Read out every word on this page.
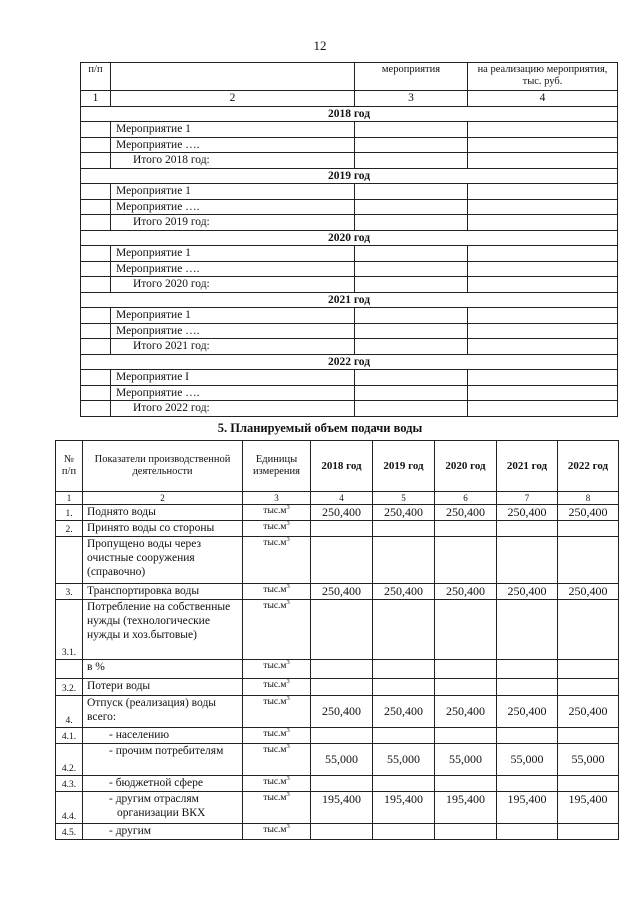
12
п/п		мероприятия	на реализацию мероприятия, тыс. руб.
1	2	3	4
2018 год			
	Мероприятие 1		
	Мероприятие ….		
	Итого 2018 год:		
2019 год			
	Мероприятие 1		
	Мероприятие ….		
	Итого 2019 год:		
2020 год			
	Мероприятие 1		
	Мероприятие ….		
	Итого 2020 год:		
2021 год			
	Мероприятие 1		
	Мероприятие ….		
	Итого 2021 год:		
2022 год			
	Мероприятие I		
	Мероприятие ….		
	Итого 2022 год:		
5. Планируемый объем подачи воды
№ п/п	Показатели производственной деятельности	Единицы измерения	2018 год	2019 год	2020 год	2021 год	2022 год
1	2	3	4	5	6	7	8
1.	Поднято воды	$тыс.м^3$	250,400	250,400	250,400	250,400	250,400
2.	Принято воды со стороны	$тыс.м^3$					
	Пропущено воды через очистные сооружения (справочно)	$тыс.м^3$					
3.	Транспортировка воды	$тыс.м^3$	250,400	250,400	250,400	250,400	250,400
3.1.	Потребление на собственные нужды (технологические нужды и хоз.бытовые)	$тыс.м^3$					
	в %	$тыс.м^3$					
3.2.	Потери воды	$тыс.м^3$					
4.	Отпуск (реализация) воды всего:	$тыс.м^3$	250,400	250,400	250,400	250,400	250,400
4.1.	- населению	$тыс.м^3$					
4.2.	- прочим потребителям	$тыс.м^3$	55,000	55,000	55,000	55,000	55,000
4.3.	- бюджетной сфере	$тыс.м^3$					
4.4.	- другим отраслям организации ВКХ	$тыс.м^3$	195,400	195,400	195,400	195,400	195,400
4.5.	- другим	$тыс.м^3$					
